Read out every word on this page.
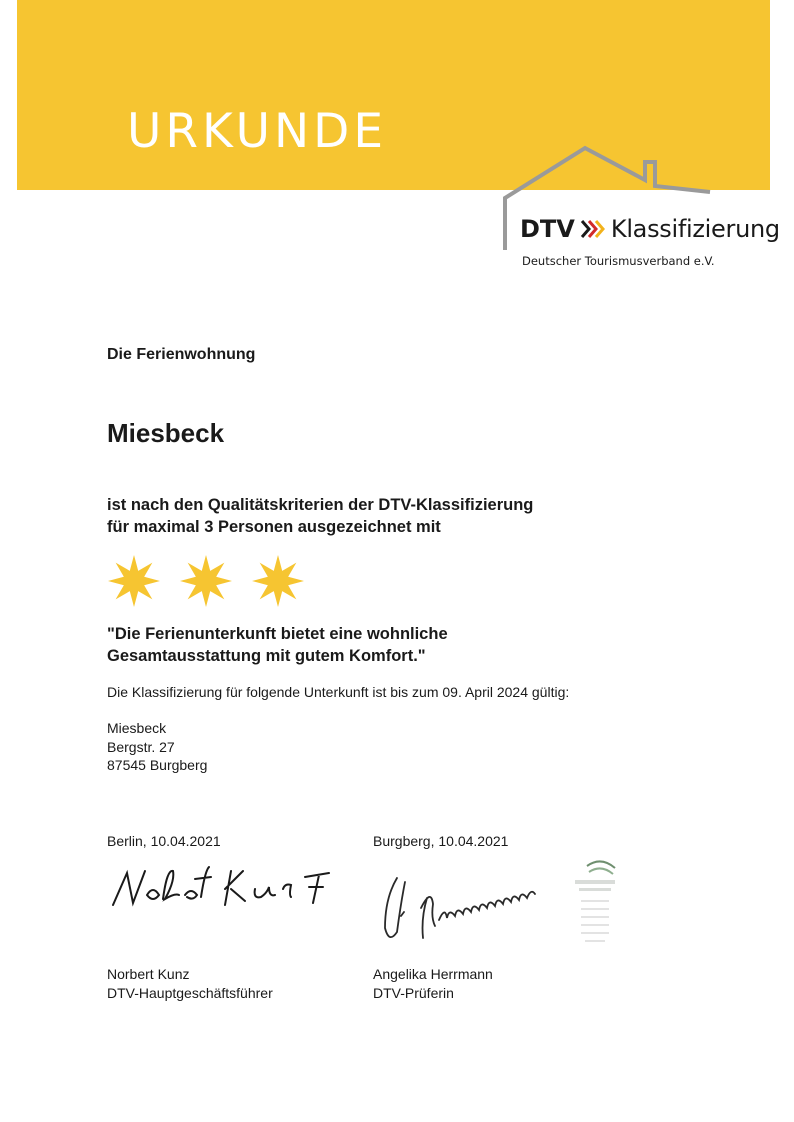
URKUNDE
DTV Klassifizierung
Deutscher Tourismusverband e.V.
Die Ferienwohnung
Miesbeck
ist nach den Qualitätskriterien der DTV-Klassifizierung
für maximal 3 Personen ausgezeichnet mit
"Die Ferienunterkunft bietet eine wohnliche
Gesamtausstattung mit gutem Komfort."
Die Klassifizierung für folgende Unterkunft ist bis zum 09. April 2024 gültig:
Miesbeck
Bergstr. 27
87545 Burgberg
Berlin, 10.04.2021	Burgberg, 10.04.2021
Norbert Kunz
DTV-Hauptgeschäftsführer
Angelika Herrmann
DTV-Prüferin
